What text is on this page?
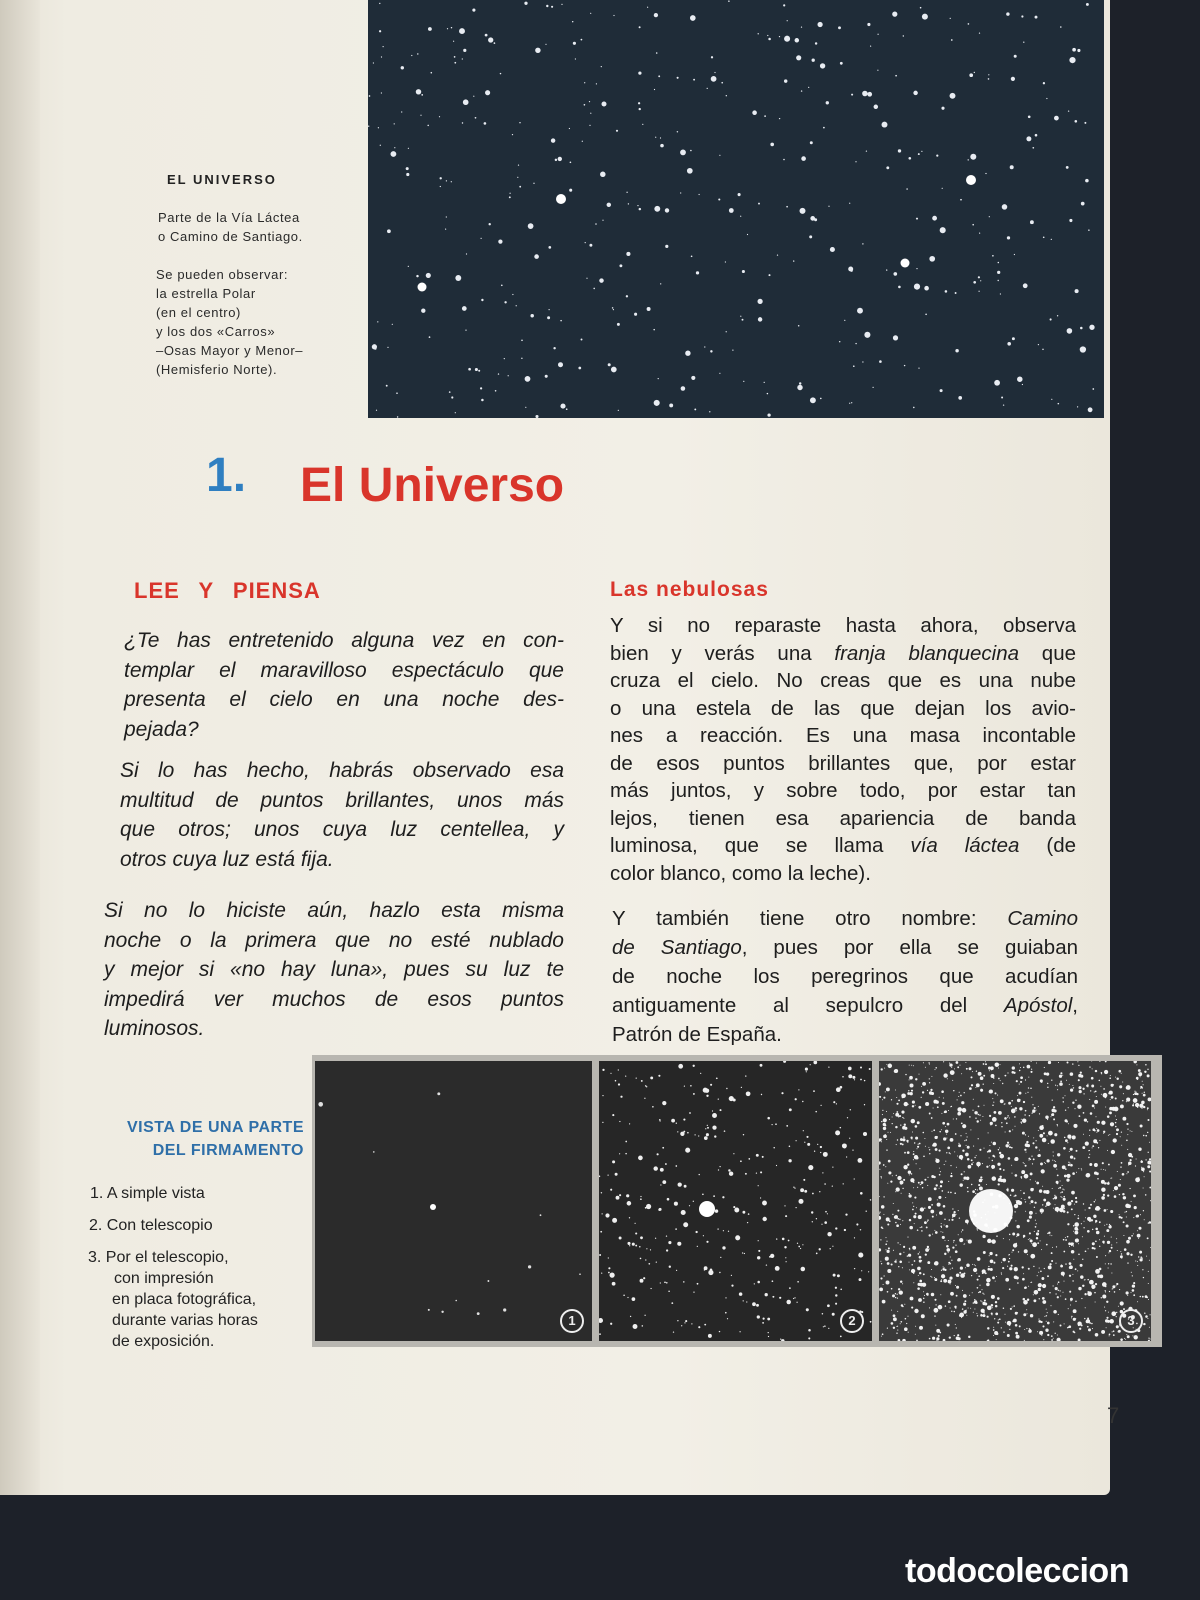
EL UNIVERSO
Parte de la Vía Láctea
o Camino de Santiago.
Se pueden observar:
la estrella Polar
(en el centro)
y los dos «Carros»
–Osas Mayor y Menor–
(Hemisferio Norte).
1. El Universo
LEE Y PIENSA	Las nebulosas
¿Te has entretenido alguna vez en con-
templar el maravilloso espectáculo que
presenta el cielo en una noche des-
pejada?
Si lo has hecho, habrás observado esa
multitud de puntos brillantes, unos más
que otros; unos cuya luz centellea, y
otros cuya luz está fija.
Si no lo hiciste aún, hazlo esta misma
noche o la primera que no esté nublado
y mejor si «no hay luna», pues su luz te
impedirá ver muchos de esos puntos
luminosos.
Y si no reparaste hasta ahora, observa
bien y verás una franja blanquecina que
cruza el cielo. No creas que es una nube
o una estela de las que dejan los avio-
nes a reacción. Es una masa incontable
de esos puntos brillantes que, por estar
más juntos, y sobre todo, por estar tan
lejos, tienen esa apariencia de banda
luminosa, que se llama vía láctea (de
color blanco, como la leche).
Y también tiene otro nombre: Camino
de Santiago, pues por ella se guiaban
de noche los peregrinos que acudían
antiguamente al sepulcro del Apóstol,
Patrón de España.
VISTA DE UNA PARTE
DEL FIRMAMENTO
1. A simple vista
2. Con telescopio
3. Por el telescopio,
con impresión
en placa fotográfica,
durante varias horas
de exposición.
7
1	2	3
todocoleccion
